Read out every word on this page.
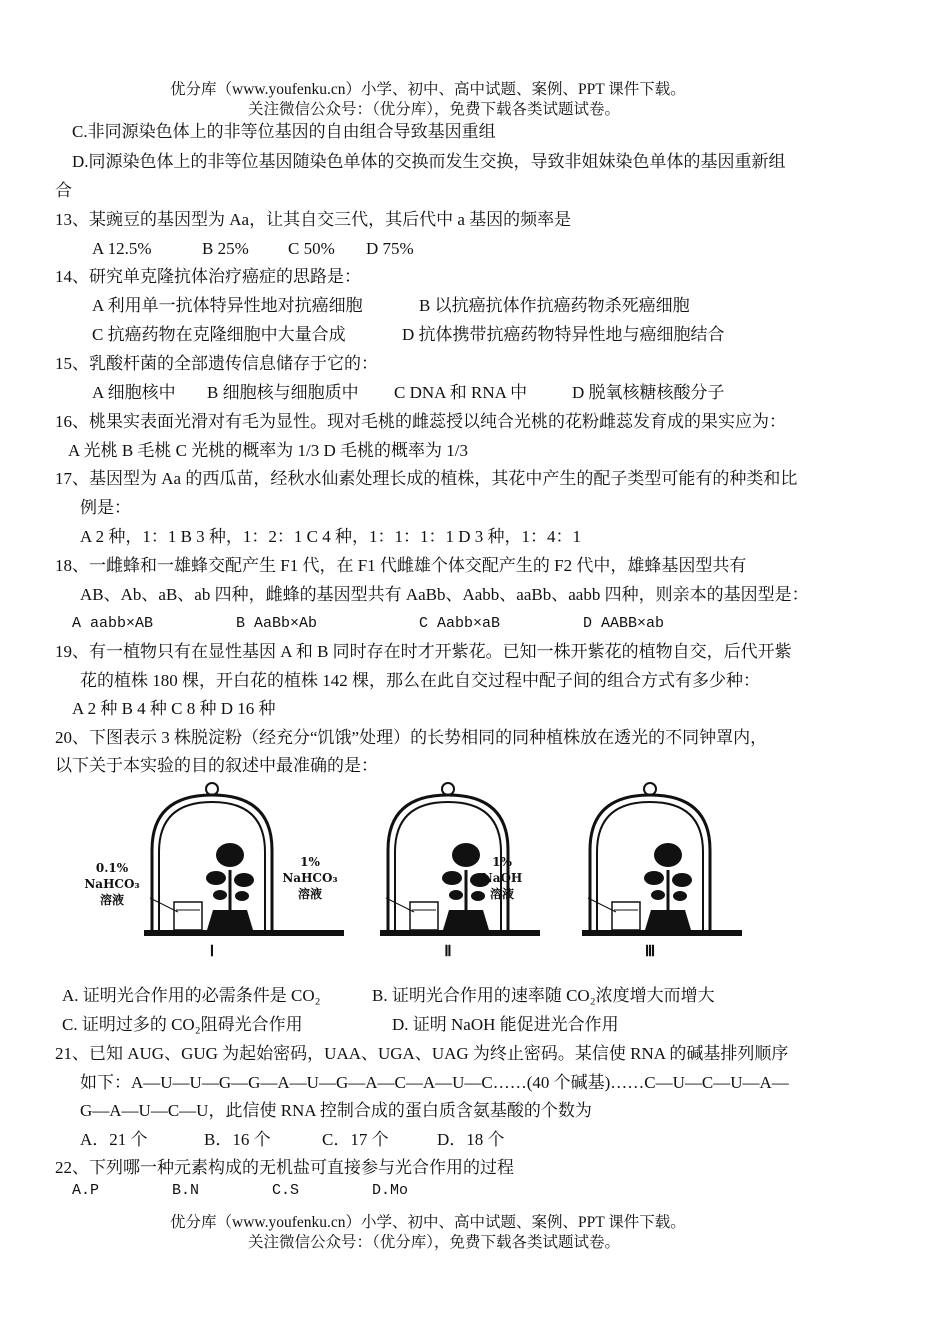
优分库（www.youfenku.cn）小学、初中、高中试题、案例、PPT 课件下载。
关注微信公众号：（优分库），免费下载各类试题试卷。
C.非同源染色体上的非等位基因的自由组合导致基因重组
D.同源染色体上的非等位基因随染色单体的交换而发生交换，导致非姐妹染色单体的基因重新组
合
13、某豌豆的基因型为 Aa，让其自交三代，其后代中 a 基因的频率是
A 12.5%	B 25% C 50% D 75%
14、研究单克隆抗体治疗癌症的思路是：
A 利用单一抗体特异性地对抗癌细胞	B 以抗癌抗体作抗癌药物杀死癌细胞
C 抗癌药物在克隆细胞中大量合成	D 抗体携带抗癌药物特异性地与癌细胞结合
15、乳酸杆菌的全部遗传信息储存于它的：
A 细胞核中 B 细胞核与细胞质中 C DNA 和 RNA 中	D 脱氧核糖核酸分子
16、桃果实表面光滑对有毛为显性。现对毛桃的雌蕊授以纯合光桃的花粉雌蕊发育成的果实应为：
A 光桃 B 毛桃 C 光桃的概率为 1/3 D 毛桃的概率为 1/3
17、基因型为 Aa 的西瓜苗，经秋水仙素处理长成的植株，其花中产生的配子类型可能有的种类和比
例是：
A 2 种，1：1 B 3 种，1：2：1 C 4 种，1：1：1：1 D 3 种，1：4：1
18、一雌蜂和一雄蜂交配产生 F1 代，在 F1 代雌雄个体交配产生的 F2 代中，雄蜂基因型共有
AB、Ab、aB、ab 四种，雌蜂的基因型共有 AaBb、Aabb、aaBb、aabb 四种，则亲本的基因型是：
A aabb×AB	B AaBb×Ab	C Aabb×aB	D AABB×ab
19、有一植物只有在显性基因 A 和 B 同时存在时才开紫花。已知一株开紫花的植物自交，后代开紫
花的植株 180 棵，开白花的植株 142 棵，那么在此自交过程中配子间的组合方式有多少种：
A 2 种 B 4 种 C 8 种 D 16 种
20、下图表示 3 株脱淀粉（经充分“饥饿”处理）的长势相同的同种植株放在透光的不同钟罩内，
以下关于本实验的目的叙述中最准确的是：
0.1%
NaHCO₃
溶液
Ⅰ
1%
NaHCO₃
溶液
Ⅱ
1%
NaOH
溶液
Ⅲ
A. 证明光合作用的必需条件是 CO₂	B. 证明光合作用的速率随 CO₂浓度增大而增大
C. 证明过多的 CO₂阻碍光合作用	D. 证明 NaOH 能促进光合作用
21、已知 AUG、GUG 为起始密码，UAA、UGA、UAG 为终止密码。某信使 RNA 的碱基排列顺序
如下：A—U—U—G—G—A—U—G—A—C—A—U—C……(40 个碱基)……C—U—C—U—A—
G—A—U—C—U，此信使 RNA 控制合成的蛋白质含氨基酸的个数为
A．21 个	B．16 个	C．17 个	D．18 个
22、下列哪一种元素构成的无机盐可直接参与光合作用的过程
A.P	B.N	C.S	D.Mo
优分库（www.youfenku.cn）小学、初中、高中试题、案例、PPT 课件下载。
关注微信公众号：（优分库），免费下载各类试题试卷。
